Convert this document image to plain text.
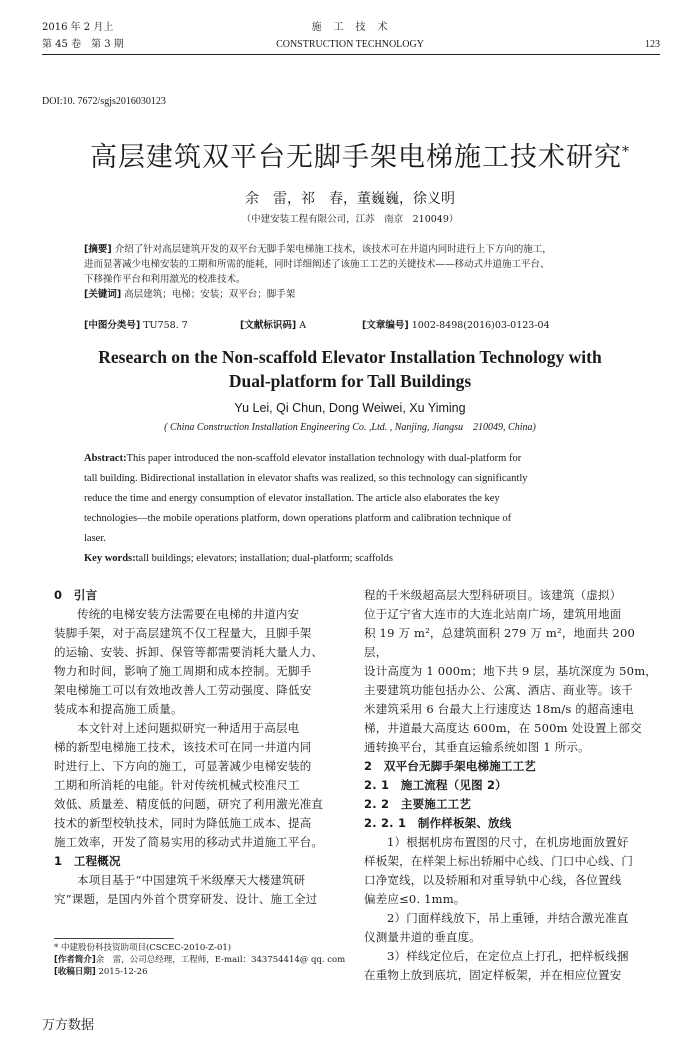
2016 年 2 月上
第 45 卷　第 3 期
施　工　技　术
CONSTRUCTION TECHNOLOGY	123
DOI:10. 7672/sgjs2016030123
高层建筑双平台无脚手架电梯施工技术研究*
余　雷，祁　春，董巍巍，徐义明
（中建安装工程有限公司，江苏　南京　210049）
[摘要] 介绍了针对高层建筑开发的双平台无脚手架电梯施工技术，该技术可在井道内同时进行上下方向的施工，
进而显著减少电梯安装的工期和所需的能耗，同时详细阐述了该施工工艺的关键技术——移动式井道施工平台、
下移操作平台和利用激光的校准技术。
[关键词] 高层建筑；电梯；安装；双平台；脚手架
[中图分类号] TU758. 7	[文献标识码] A	[文章编号] 1002-8498(2016)03-0123-04
Research on the Non-scaffold Elevator Installation Technology with
Dual-platform for Tall Buildings
Yu Lei, Qi Chun, Dong Weiwei, Xu Yiming
( China Construction Installation Engineering Co. ,Ltd. , Nanjing, Jiangsu　210049, China)
Abstract:This paper introduced the non-scaffold elevator installation technology with dual-platform for
tall building. Bidirectional installation in elevator shafts was realized, so this technology can significantly
reduce the time and energy consumption of elevator installation. The article also elaborates the key
technologies—the mobile operations platform, down operations platform and calibration technique of
laser.
Key words:tall buildings; elevators; installation; dual-platform; scaffolds

0　引言

传统的电梯安装方法需要在电梯的井道内安

装脚手架，对于高层建筑不仅工程量大，且脚手架

的运输、安装、拆卸、保管等都需要消耗大量人力、

物力和时间，影响了施工周期和成本控制。无脚手

架电梯施工可以有效地改善人工劳动强度、降低安

装成本和提高施工质量。

本文针对上述问题拟研究一种适用于高层电

梯的新型电梯施工技术，该技术可在同一井道内同

时进行上、下方向的施工，可显著减少电梯安装的

工期和所消耗的电能。针对传统机械式校准尺工

效低、质量差、精度低的问题，研究了利用激光准直

技术的新型校轨技术，同时为降低施工成本、提高

施工效率，开发了简易实用的移动式井道施工平台。

1　工程概况

本项目基于“中国建筑千米级摩天大楼建筑研

究”课题，是国内外首个贯穿研发、设计、施工全过

* 中建股份科技资助项目(CSCEC-2010-Z-01)
[作者简介]余　雷，公司总经理，工程师，E-mail：343754414@ qq. com
[收稿日期] 2015-12-26

程的千米级超高层大型科研项目。该建筑（虚拟）

位于辽宁省大连市的大连北站南广场，建筑用地面

积 19 万 m²，总建筑面积 279 万 m²，地面共 200 层，

设计高度为 1 000m；地下共 9 层，基坑深度为 50m，

主要建筑功能包括办公、公寓、酒店、商业等。该千

米建筑采用 6 台最大上行速度达 18m/s 的超高速电

梯，井道最大高度达 600m，在 500m 处设置上部交

通转换平台，其垂直运输系统如图 1 所示。

2　双平台无脚手架电梯施工工艺

2. 1　施工流程（见图 2）

2. 2　主要施工工艺

2. 2. 1　制作样板架、放线

1）根据机房布置图的尺寸，在机房地面放置好

样板架，在样架上标出轿厢中心线、门口中心线、门

口净宽线，以及轿厢和对重导轨中心线，各位置线

偏差应≤0. 1mm。

2）门面样线放下，吊上重锤，并结合激光准直

仪测量井道的垂直度。

3）样线定位后，在定位点上打孔，把样板线捆

在重物上放到底坑，固定样板架，并在相应位置安

万方数据
